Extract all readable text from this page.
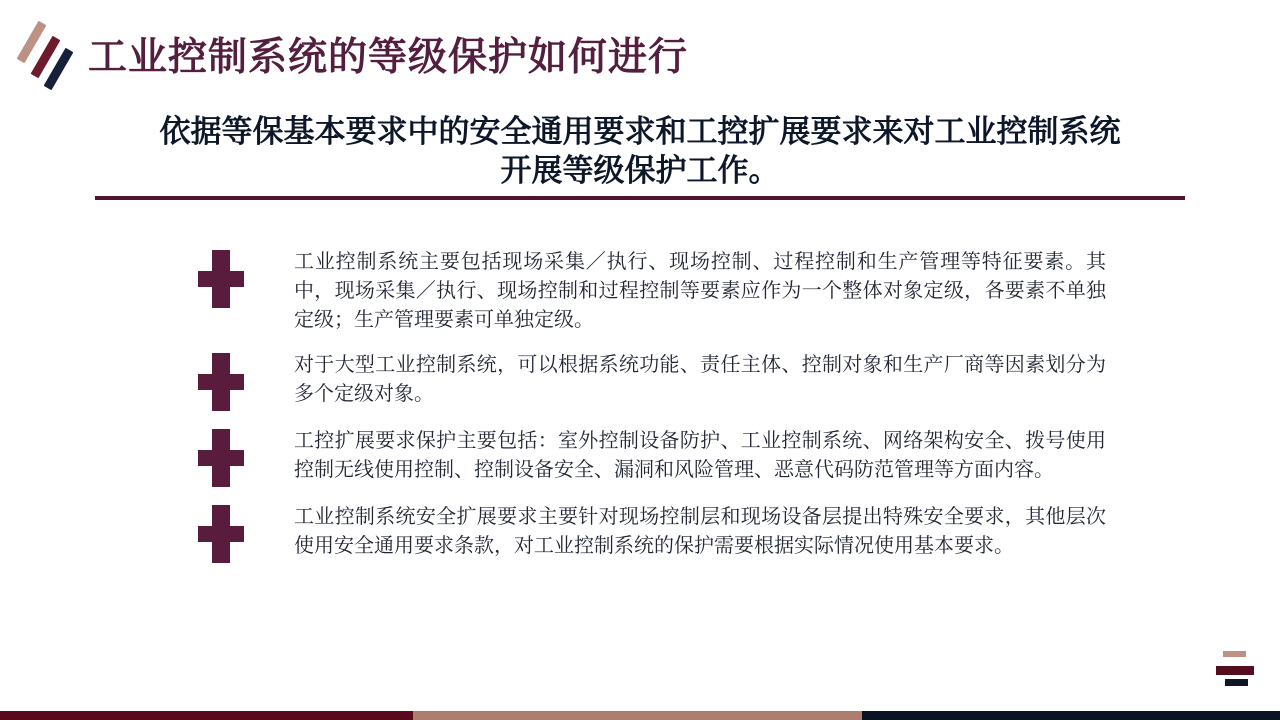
工业控制系统的等级保护如何进行
依据等保基本要求中的安全通用要求和工控扩展要求来对工业控制系统
开展等级保护工作。
工业控制系统主要包括现场采集／执行、现场控制、过程控制和生产管理等特征要素。其中，现场采集／执行、现场控制和过程控制等要素应作为一个整体对象定级，各要素不单独定级；生产管理要素可单独定级。
对于大型工业控制系统，可以根据系统功能、责任主体、控制对象和生产厂商等因素划分为多个定级对象。
工控扩展要求保护主要包括：室外控制设备防护、工业控制系统、网络架构安全、拨号使用控制无线使用控制、控制设备安全、漏洞和风险管理、恶意代码防范管理等方面内容。
工业控制系统安全扩展要求主要针对现场控制层和现场设备层提出特殊安全要求，其他层次使用安全通用要求条款，对工业控制系统的保护需要根据实际情况使用基本要求。
